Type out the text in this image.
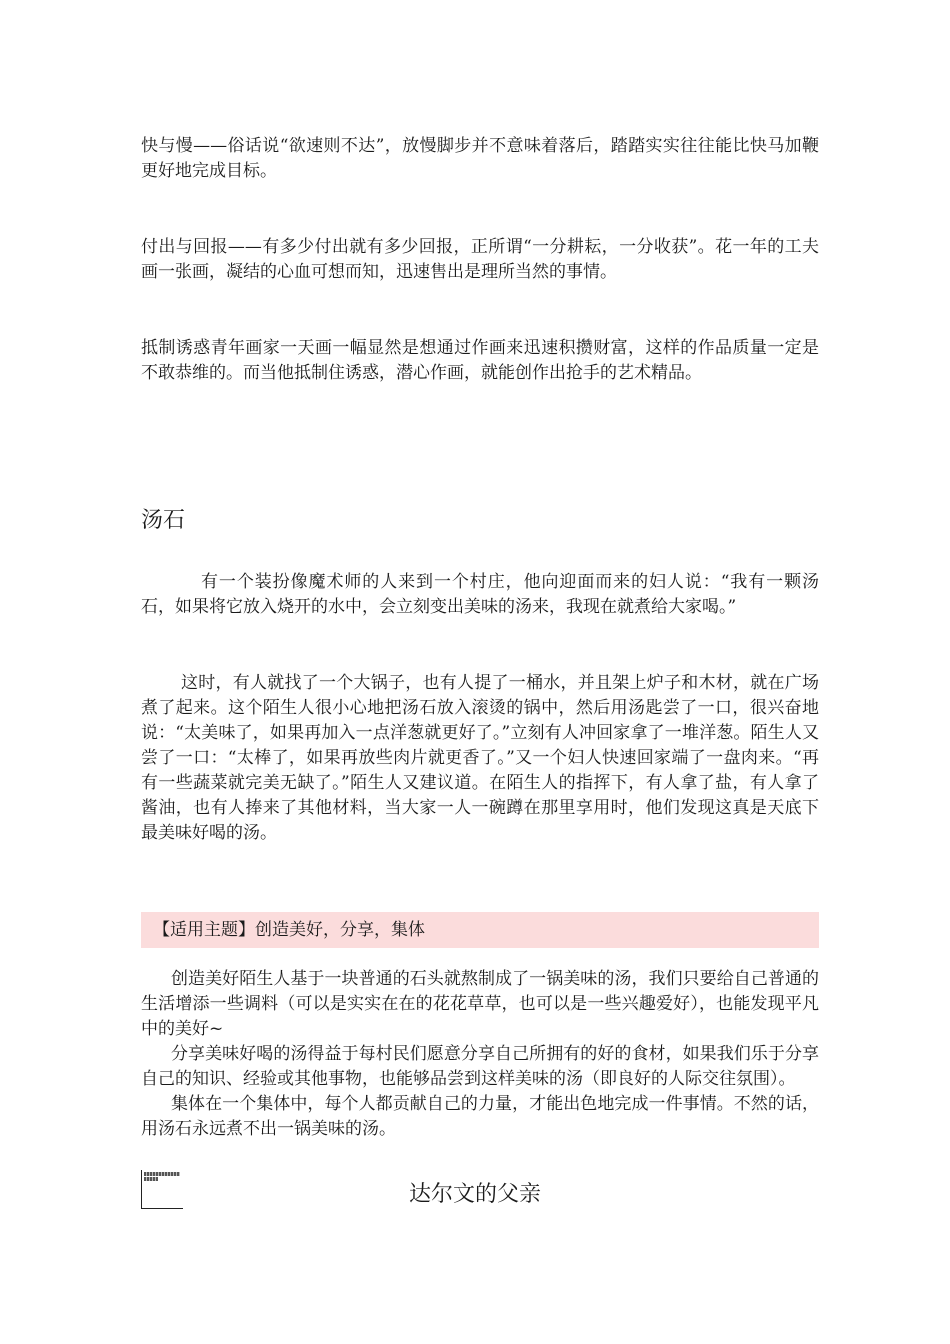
快与慢——俗话说“欲速则不达”，放慢脚步并不意味着落后，踏踏实实往往能比快马加鞭更好地完成目标。

付出与回报——有多少付出就有多少回报，正所谓“一分耕耘，一分收获”。花一年的工夫画一张画，凝结的心血可想而知，迅速售出是理所当然的事情。

抵制诱惑青年画家一天画一幅显然是想通过作画来迅速积攒财富，这样的作品质量一定是不敢恭维的。而当他抵制住诱惑，潜心作画，就能创作出抢手的艺术精品。

汤石

有一个装扮像魔术师的人来到一个村庄，他向迎面而来的妇人说：“我有一颗汤石，如果将它放入烧开的水中，会立刻变出美味的汤来，我现在就煮给大家喝。”

这时，有人就找了一个大锅子，也有人提了一桶水，并且架上炉子和木材，就在广场煮了起来。这个陌生人很小心地把汤石放入滚烫的锅中，然后用汤匙尝了一口，很兴奋地说：“太美味了，如果再加入一点洋葱就更好了。”立刻有人冲回家拿了一堆洋葱。陌生人又尝了一口：“太棒了，如果再放些肉片就更香了。”又一个妇人快速回家端了一盘肉来。“再有一些蔬菜就完美无缺了。”陌生人又建议道。在陌生人的指挥下，有人拿了盐，有人拿了酱油，也有人捧来了其他材料，当大家一人一碗蹲在那里享用时，他们发现这真是天底下最美味好喝的汤。

【适用主题】创造美好，分享，集体

创造美好陌生人基于一块普通的石头就熬制成了一锅美味的汤，我们只要给自己普通的生活增添一些调料（可以是实实在在的花花草草，也可以是一些兴趣爱好），也能发现平凡中的美好~

分享美味好喝的汤得益于每村民们愿意分享自己所拥有的好的食材，如果我们乐于分享自己的知识、经验或其他事物，也能够品尝到这样美味的汤（即良好的人际交往氛围）。

集体在一个集体中，每个人都贡献自己的力量，才能出色地完成一件事情。不然的话，用汤石永远煮不出一锅美味的汤。

达尔文的父亲
